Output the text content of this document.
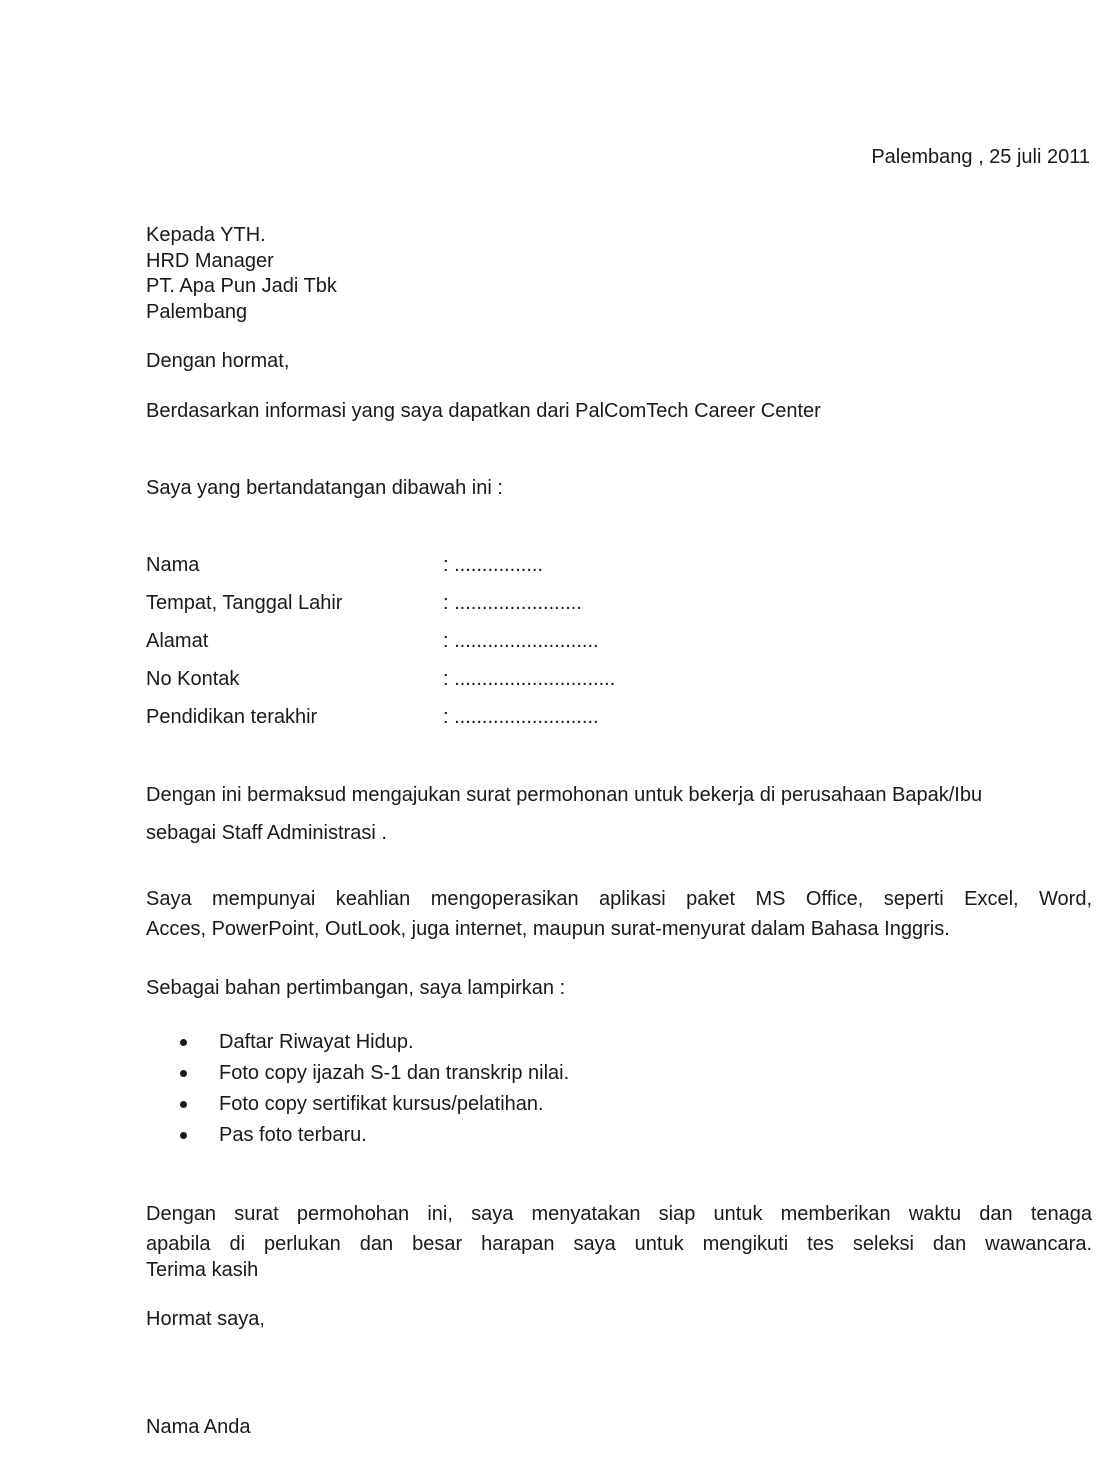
Palembang , 25 juli 2011
Kepada YTH.
HRD Manager
PT. Apa Pun Jadi Tbk
Palembang
Dengan hormat,
Berdasarkan informasi yang saya dapatkan dari PalComTech Career Center
Saya yang bertandatangan dibawah ini :
Nama	: ................
Tempat, Tanggal Lahir	: .......................
Alamat	: ..........................
No Kontak	: .............................
Pendidikan terakhir	: ..........................
Dengan ini bermaksud mengajukan surat permohonan untuk bekerja di perusahaan Bapak/Ibu
sebagai Staff Administrasi .
Saya mempunyai keahlian mengoperasikan aplikasi paket MS Office, seperti Excel, Word,
Acces, PowerPoint, OutLook, juga internet, maupun surat-menyurat dalam Bahasa Inggris.
Sebagai bahan pertimbangan, saya lampirkan :
Daftar Riwayat Hidup.
Foto copy ijazah S-1 dan transkrip nilai.
Foto copy sertifikat kursus/pelatihan.
Pas foto terbaru.
Dengan surat permohohan ini, saya menyatakan siap untuk memberikan waktu dan tenaga
apabila di perlukan dan besar harapan saya untuk mengikuti tes seleksi dan wawancara.
Terima kasih
Hormat saya,
Nama Anda
